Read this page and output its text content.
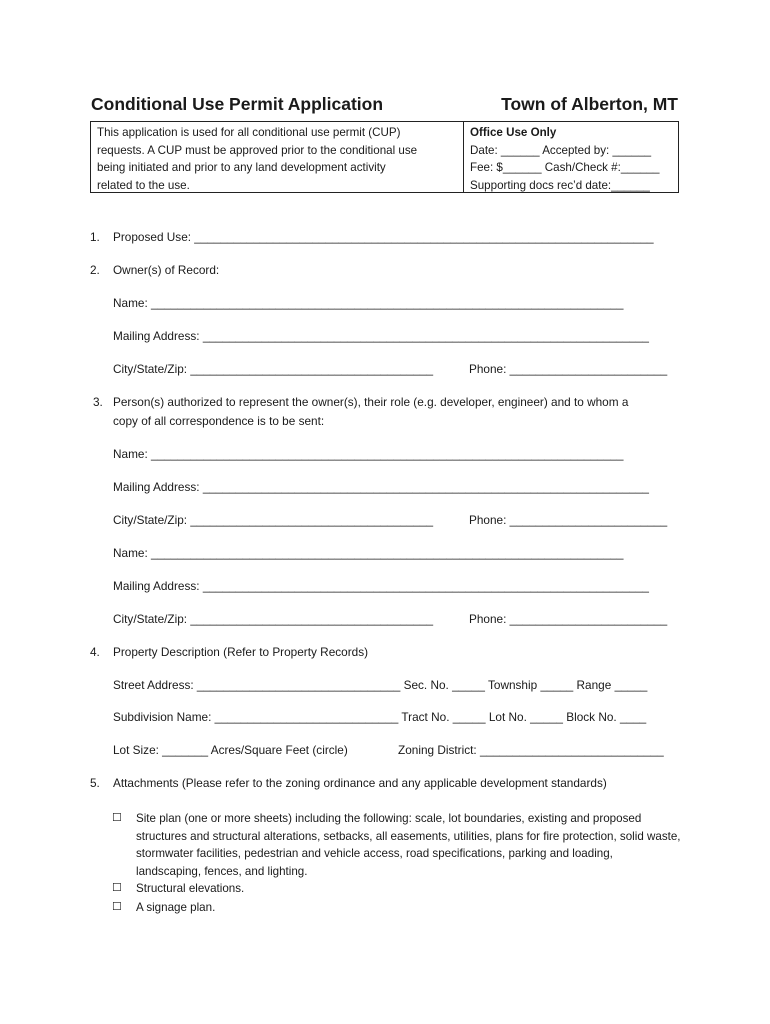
Conditional Use Permit Application	Town of Alberton, MT
This application is used for all conditional use permit (CUP)
requests. A CUP must be approved prior to the conditional use
being initiated and prior to any land development activity
related to the use.
Office Use Only
Date: ______ Accepted by: ______
Fee: $______ Cash/Check #:______
Supporting docs rec’d date:______
1. Proposed Use: ______________________________________________________________________
2. Owner(s) of Record:
Name: ________________________________________________________________________
Mailing Address: ____________________________________________________________________
City/State/Zip: _____________________________________	Phone: ________________________
3. Person(s) authorized to represent the owner(s), their role (e.g. developer, engineer) and to whom a
copy of all correspondence is to be sent:
Name: ________________________________________________________________________
Mailing Address: ____________________________________________________________________
City/State/Zip: _____________________________________	Phone: ________________________
Name: ________________________________________________________________________
Mailing Address: ____________________________________________________________________
City/State/Zip: _____________________________________	Phone: ________________________
4. Property Description (Refer to Property Records)
Street Address: _______________________________ Sec. No. _____ Township _____ Range _____
Subdivision Name: ____________________________ Tract No. _____ Lot No. _____ Block No. ____
Lot Size: _______ Acres/Square Feet (circle)	Zoning District: ____________________________
5. Attachments (Please refer to the zoning ordinance and any applicable development standards)
☐ Site plan (one or more sheets) including the following: scale, lot boundaries, existing and proposed structures and structural alterations, setbacks, all easements, utilities, plans for fire protection, solid waste, stormwater facilities, pedestrian and vehicle access, road specifications, parking and loading, landscaping, fences, and lighting.
☐ Structural elevations.
☐ A signage plan.
